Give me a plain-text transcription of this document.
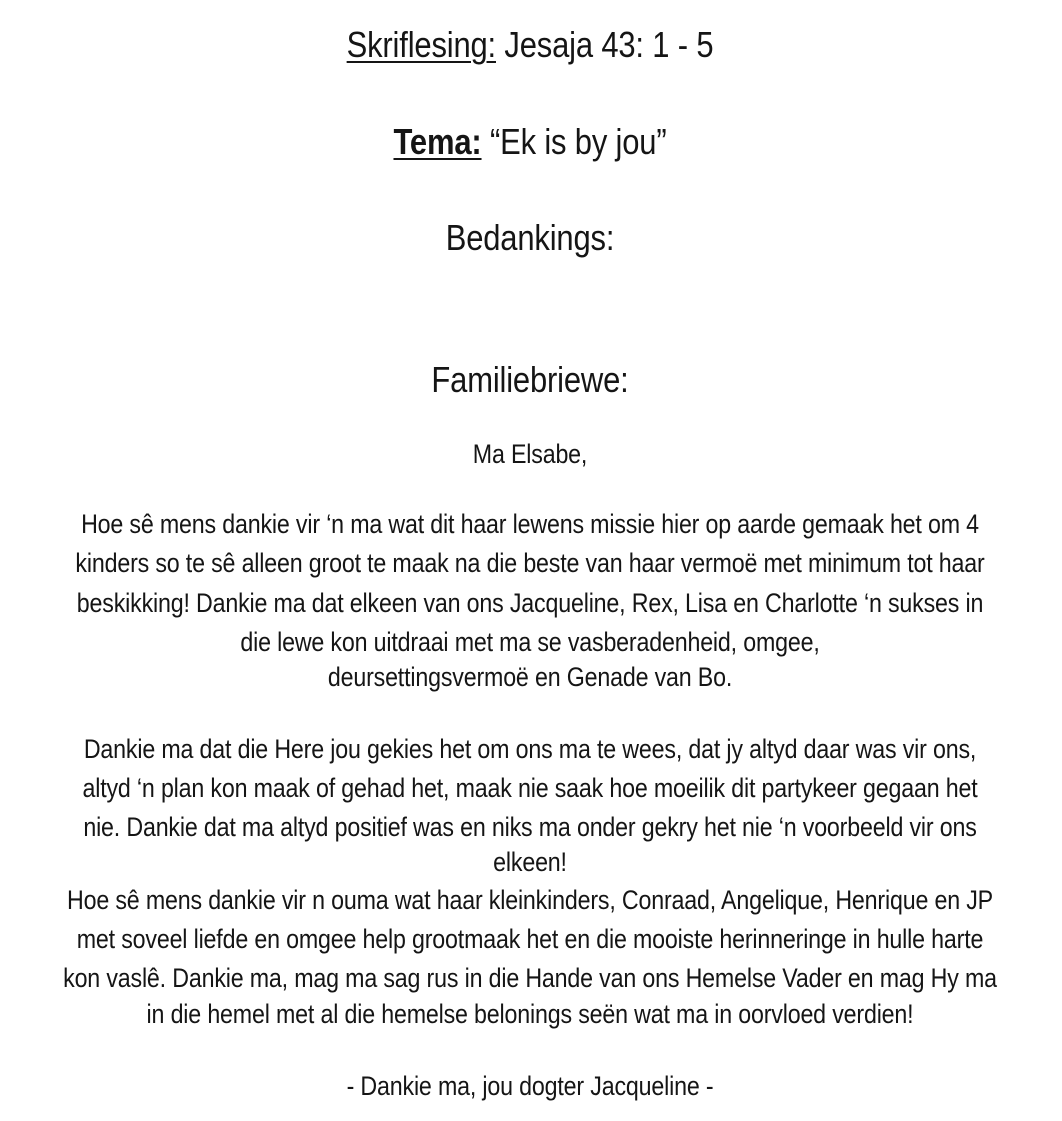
Skriflesing: Jesaja 43: 1 - 5
Tema: “Ek is by jou”
Bedankings:
Familiebriewe:
Ma Elsabe,
Hoe sê mens dankie vir ‘n ma wat dit haar lewens missie hier op aarde gemaak het om 4
kinders so te sê alleen groot te maak na die beste van haar vermoë met minimum tot haar
beskikking! Dankie ma dat elkeen van ons Jacqueline, Rex, Lisa en Charlotte ‘n sukses in
die lewe kon uitdraai met ma se vasberadenheid, omgee,
deursettingsvermoë en Genade van Bo.
Dankie ma dat die Here jou gekies het om ons ma te wees, dat jy altyd daar was vir ons,
altyd ‘n plan kon maak of gehad het, maak nie saak hoe moeilik dit partykeer gegaan het
nie. Dankie dat ma altyd positief was en niks ma onder gekry het nie ‘n voorbeeld vir ons
elkeen!
Hoe sê mens dankie vir n ouma wat haar kleinkinders, Conraad, Angelique, Henrique en JP
met soveel liefde en omgee help grootmaak het en die mooiste herinneringe in hulle harte
kon vaslê. Dankie ma, mag ma sag rus in die Hande van ons Hemelse Vader en mag Hy ma
in die hemel met al die hemelse belonings seën wat ma in oorvloed verdien!
- Dankie ma, jou dogter Jacqueline -
